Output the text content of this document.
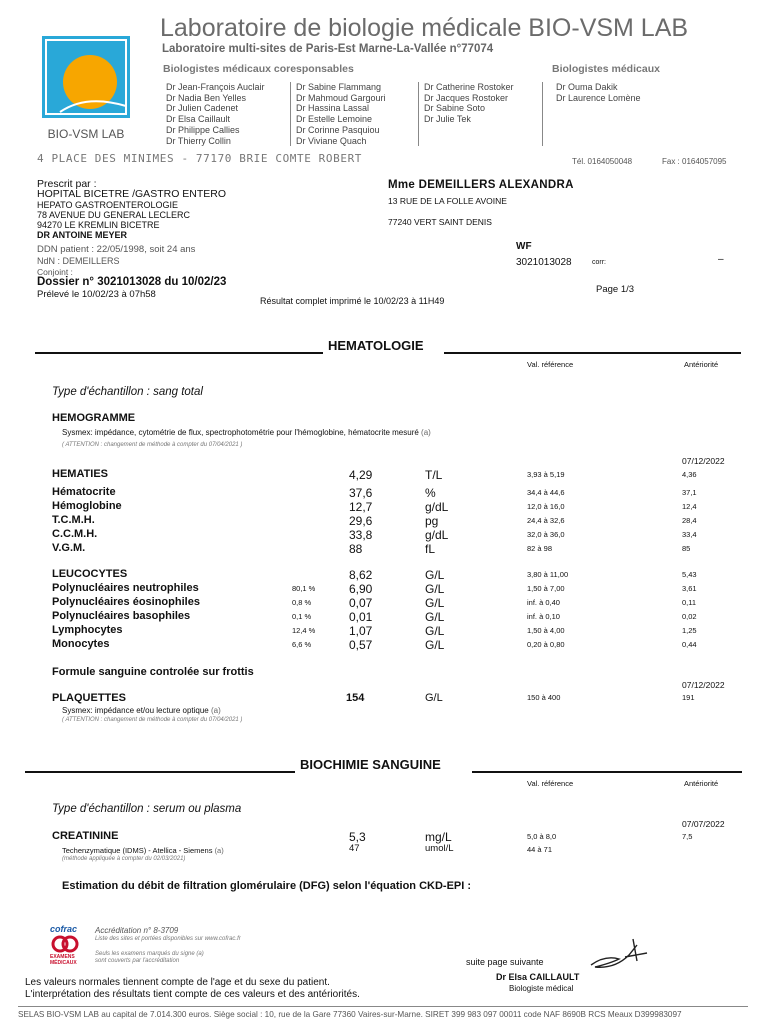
BIO-VSM LAB
Laboratoire de biologie médicale BIO-VSM LAB
Laboratoire multi-sites de Paris-Est Marne-La-Vallée n°77074
Biologistes médicaux coresponsables	Biologistes médicaux
Dr Jean-François Auclair
Dr Nadia Ben Yelles
Dr Julien Cadenet
Dr Elsa Caillault
Dr Philippe Callies
Dr Thierry Collin
Dr Sabine Flammang
Dr Mahmoud Gargouri
Dr Hassina Lassal
Dr Estelle Lemoine
Dr Corinne Pasquiou
Dr Viviane Quach
Dr Catherine Rostoker
Dr Jacques Rostoker
Dr Sabine Soto
Dr Julie Tek
Dr Ouma Dakik
Dr Laurence Lomène
4 PLACE DES MINIMES - 77170 BRIE COMTE ROBERT	Tél. 0164050048	Fax : 0164057095
Prescrit par :
HOPITAL BICETRE /GASTRO ENTERO
HEPATO GASTROENTEROLOGIE
78 AVENUE DU GENERAL LECLERC
94270 LE KREMLIN BICETRE
DR ANTOINE MEYER
DDN patient : 22/05/1998, soit 24 ans
NdN : DEMEILLERS
Conjoint :
Dossier n° 3021013028 du 10/02/23
Prélevé le 10/02/23 à 07h58
Résultat complet imprimé le 10/02/23 à 11H49
Mme DEMEILLERS ALEXANDRA
13 RUE DE LA FOLLE AVOINE
77240 VERT SAINT DENIS
WF
3021013028	corr:	–
Page 1/3
HEMATOLOGIE
Val. référence	Antériorité
Type d'échantillon : sang total
HEMOGRAMME
Sysmex: impédance, cytométrie de flux, spectrophotométrie pour l'hémoglobine, hématocrite mesuré (a)
( ATTENTION : changement de méthode à compter du 07/04/2021 )
07/12/2022
HEMATIES	4,29	T/L	3,93 à 5,19	4,36
Hématocrite	37,6	%	34,4 à 44,6	37,1
Hémoglobine	12,7	g/dL	12,0 à 16,0	12,4
T.C.M.H.	29,6	pg	24,4 à 32,6	28,4
C.C.M.H.	33,8	g/dL	32,0 à 36,0	33,4
V.G.M.	88	fL	82 à 98	85
LEUCOCYTES	8,62	G/L	3,80 à 11,00	5,43
Polynucléaires neutrophiles	80,1 %	6,90	G/L	1,50 à 7,00	3,61
Polynucléaires éosinophiles	0,8 %	0,07	G/L	inf. à 0,40	0,11
Polynucléaires basophiles	0,1 %	0,01	G/L	inf. à 0,10	0,02
Lymphocytes	12,4 %	1,07	G/L	1,50 à 4,00	1,25
Monocytes	6,6 %	0,57	G/L	0,20 à 0,80	0,44
Formule sanguine controlée sur frottis
07/12/2022
PLAQUETTES	154	G/L	150 à 400	191
Sysmex: impédance et/ou lecture optique (a)
( ATTENTION : changement de méthode à compter du 07/04/2021 )
BIOCHIMIE SANGUINE
Val. référence	Antériorité
Type d'échantillon : serum ou plasma
07/07/2022
CREATININE	5,3	mg/L	5,0 à 8,0	7,5
Techenzymatique (IDMS) - Atellica - Siemens (a)	47	umol/L	44 à 71
(méthode appliquée à compter du 02/03/2021)
Estimation du débit de filtration glomérulaire (DFG) selon l'équation CKD-EPI :
cofrac
EXAMENS MÉDICAUX
Accréditation n° 8-3709
Liste des sites et portées disponibles sur www.cofrac.fr
Seuls les examens marqués du signe (a)
sont couverts par l'accréditation	suite page suivante
Dr Elsa CAILLAULT
Biologiste médical
Les valeurs normales tiennent compte de l'age et du sexe du patient.
L'interprétation des résultats tient compte de ces valeurs et des antériorités.
SELAS BIO-VSM LAB au capital de 7.014.300 euros. Siège social : 10, rue de la Gare 77360 Vaires-sur-Marne. SIRET 399 983 097 00011 code NAF 8690B RCS Meaux D399983097
